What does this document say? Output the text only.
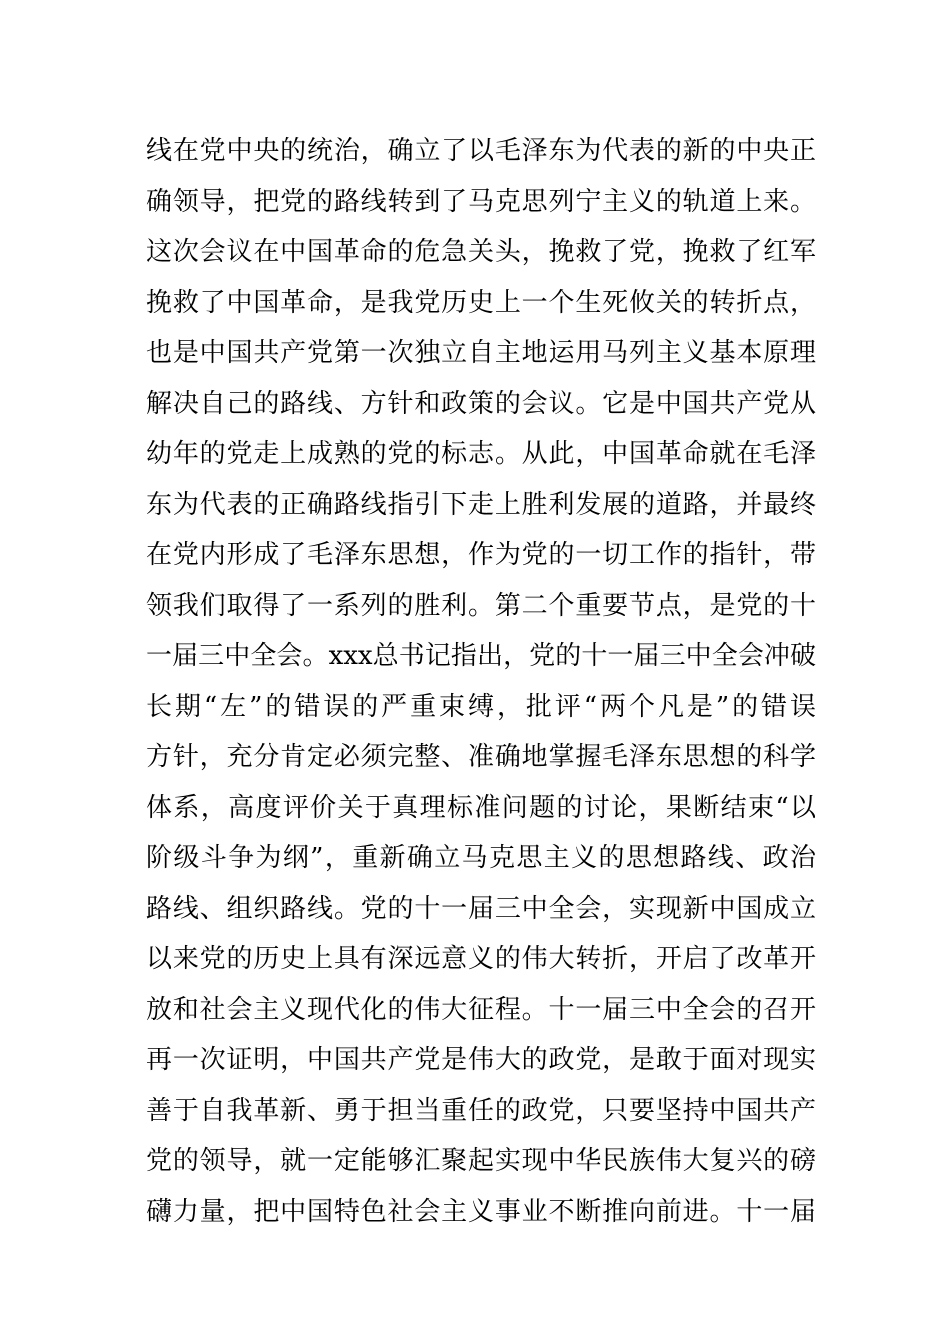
线在党中央的统治，确立了以毛泽东为代表的新的中央正
确领导，把党的路线转到了马克思列宁主义的轨道上来。
这次会议在中国革命的危急关头，挽救了党，挽救了红军
挽救了中国革命，是我党历史上一个生死攸关的转折点，
也是中国共产党第一次独立自主地运用马列主义基本原理
解决自己的路线、方针和政策的会议。它是中国共产党从
幼年的党走上成熟的党的标志。从此，中国革命就在毛泽
东为代表的正确路线指引下走上胜利发展的道路，并最终
在党内形成了毛泽东思想，作为党的一切工作的指针，带
领我们取得了一系列的胜利。第二个重要节点，是党的十
一届三中全会。xxx总书记指出，党的十一届三中全会冲破
长期“左”的错误的严重束缚，批评“两个凡是”的错误
方针，充分肯定必须完整、准确地掌握毛泽东思想的科学
体系，高度评价关于真理标准问题的讨论，果断结束“以
阶级斗争为纲”，重新确立马克思主义的思想路线、政治
路线、组织路线。党的十一届三中全会，实现新中国成立
以来党的历史上具有深远意义的伟大转折，开启了改革开
放和社会主义现代化的伟大征程。十一届三中全会的召开
再一次证明，中国共产党是伟大的政党，是敢于面对现实
善于自我革新、勇于担当重任的政党，只要坚持中国共产
党的领导，就一定能够汇聚起实现中华民族伟大复兴的磅
礴力量，把中国特色社会主义事业不断推向前进。十一届
